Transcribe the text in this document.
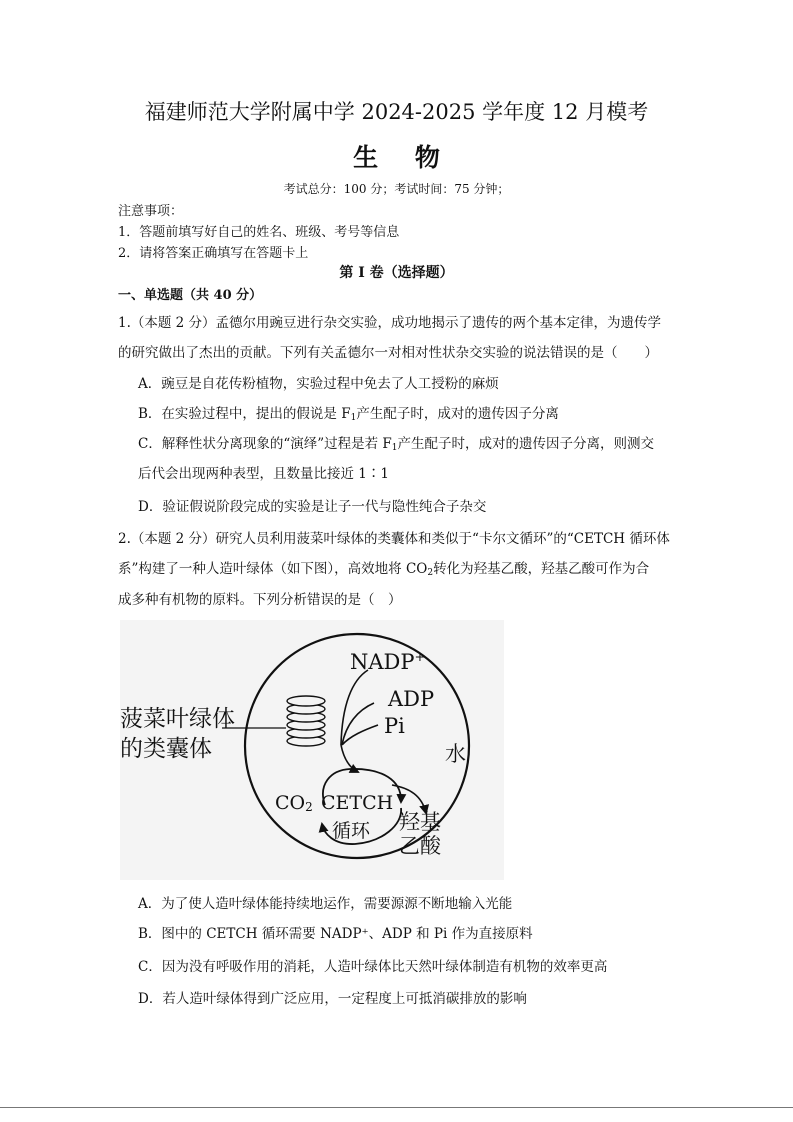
福建师范大学附属中学 2024-2025 学年度 12 月模考
生 物
考试总分：100 分；考试时间：75 分钟；
注意事项：
1．答题前填写好自己的姓名、班级、考号等信息
2．请将答案正确填写在答题卡上
第 I 卷（选择题）
一、单选题（共 40 分）
1.（本题 2 分）孟德尔用豌豆进行杂交实验，成功地揭示了遗传的两个基本定律，为遗传学
的研究做出了杰出的贡献。下列有关孟德尔一对相对性状杂交实验的说法错误的是（　　）
A．豌豆是自花传粉植物，实验过程中免去了人工授粉的麻烦
B．在实验过程中，提出的假说是 $F_1$产生配子时，成对的遗传因子分离
C．解释性状分离现象的“演绎”过程是若 $F_1$产生配子时，成对的遗传因子分离，则测交
后代会出现两种表型，且数量比接近 1∶1
D．验证假说阶段完成的实验是让子一代与隐性纯合子杂交
2.（本题 2 分）研究人员利用菠菜叶绿体的类囊体和类似于“卡尔文循环”的“CETCH 循环体
系”构建了一种人造叶绿体（如下图），高效地将 $CO_2$转化为羟基乙酸，羟基乙酸可作为合
成多种有机物的原料。下列分析错误的是（　）
菠菜叶绿体
的类囊体
NADP+
ADP
Pi
水
$CO_2$ CETCH
循环 羟基
乙酸
A．为了使人造叶绿体能持续地运作，需要源源不断地输入光能
B．图中的 CETCH 循环需要 NADP⁺、ADP 和 Pi 作为直接原料
C．因为没有呼吸作用的消耗，人造叶绿体比天然叶绿体制造有机物的效率更高
D．若人造叶绿体得到广泛应用，一定程度上可抵消碳排放的影响
